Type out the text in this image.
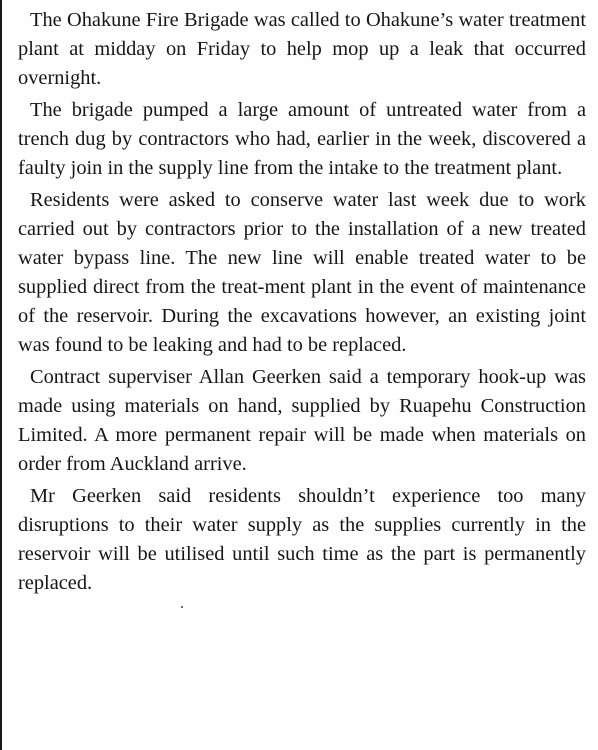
The Ohakune Fire Brigade was called to Ohakune’s water treatment plant at midday on Friday to help mop up a leak that occurred overnight.

The brigade pumped a large amount of untreated water from a trench dug by contractors who had, earlier in the week, discovered a faulty join in the supply line from the intake to the treatment plant.

Residents were asked to conserve water last week due to work carried out by contractors prior to the installation of a new treated water bypass line. The new line will enable treated water to be supplied direct from the treat-ment plant in the event of maintenance of the reservoir. During the excavations however, an existing joint was found to be leaking and had to be replaced.

Contract superviser Allan Geerken said a temporary hook-up was made using materials on hand, supplied by Ruapehu Construction Limited. A more permanent repair will be made when materials on order from Auckland arrive.

Mr Geerken said residents shouldn’t experience too many disruptions to their water supply as the supplies currently in the reservoir will be utilised until such time as the part is permanently replaced.
